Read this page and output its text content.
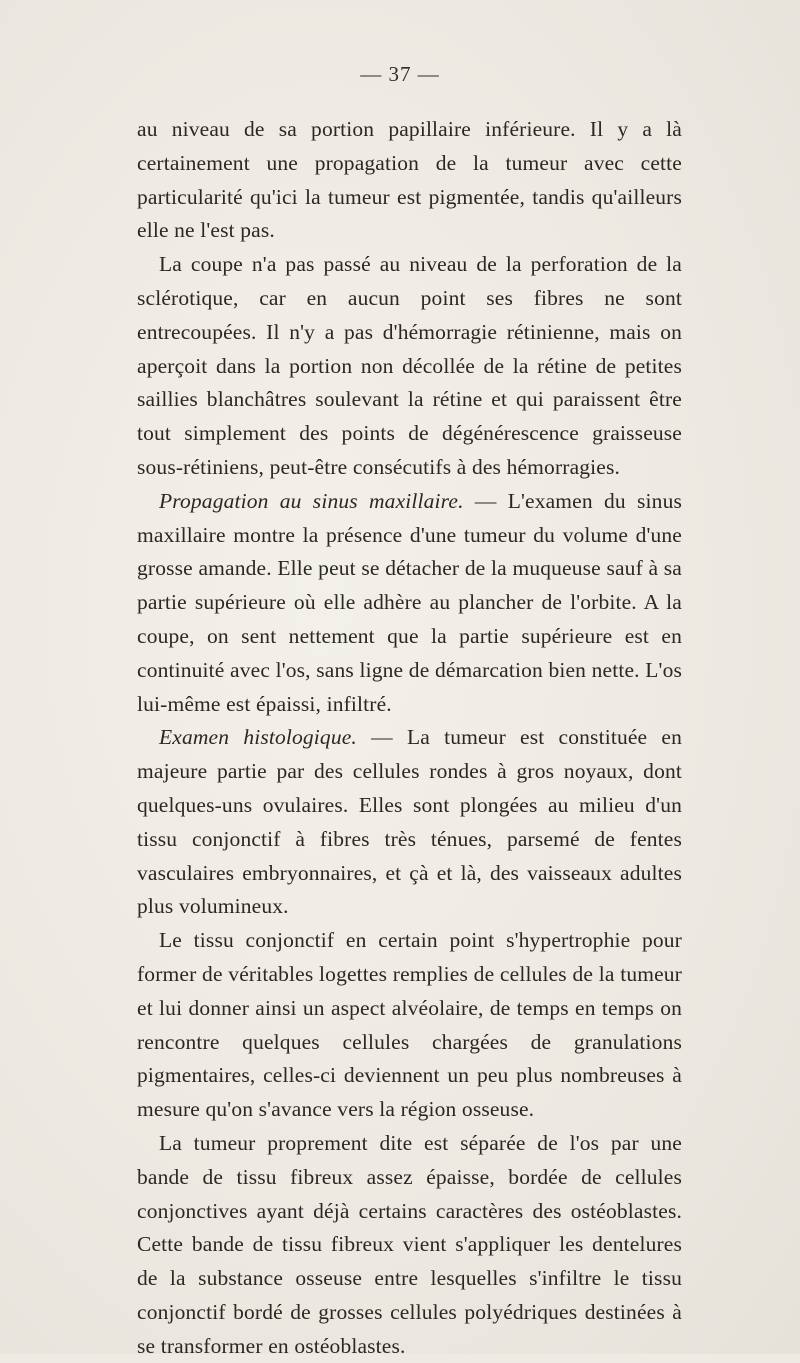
— 37 —

au niveau de sa portion papillaire inférieure. Il y a là certainement une propagation de la tumeur avec cette particularité qu'ici la tumeur est pigmentée, tandis qu'ailleurs elle ne l'est pas.

La coupe n'a pas passé au niveau de la perforation de la sclérotique, car en aucun point ses fibres ne sont entrecoupées. Il n'y a pas d'hémorragie rétinienne, mais on aperçoit dans la portion non décollée de la rétine de petites saillies blanchâtres soulevant la rétine et qui paraissent être tout simplement des points de dégénérescence graisseuse sous-rétiniens, peut-être consécutifs à des hémorragies.

Propagation au sinus maxillaire. — L'examen du sinus maxillaire montre la présence d'une tumeur du volume d'une grosse amande. Elle peut se détacher de la muqueuse sauf à sa partie supérieure où elle adhère au plancher de l'orbite. A la coupe, on sent nettement que la partie supérieure est en continuité avec l'os, sans ligne de démarcation bien nette. L'os lui-même est épaissi, infiltré.

Examen histologique. — La tumeur est constituée en majeure partie par des cellules rondes à gros noyaux, dont quelques-uns ovulaires. Elles sont plongées au milieu d'un tissu conjonctif à fibres très ténues, parsemé de fentes vasculaires embryonnaires, et çà et là, des vaisseaux adultes plus volumineux.

Le tissu conjonctif en certain point s'hypertrophie pour former de véritables logettes remplies de cellules de la tumeur et lui donner ainsi un aspect alvéolaire, de temps en temps on rencontre quelques cellules chargées de granulations pigmentaires, celles-ci deviennent un peu plus nombreuses à mesure qu'on s'avance vers la région osseuse.

La tumeur proprement dite est séparée de l'os par une bande de tissu fibreux assez épaisse, bordée de cellules conjonctives ayant déjà certains caractères des ostéoblastes. Cette bande de tissu fibreux vient s'appliquer les dentelures de la substance osseuse entre lesquelles s'infiltre le tissu conjonctif bordé de grosses cellules polyédriques destinées à se transformer en ostéoblastes.
